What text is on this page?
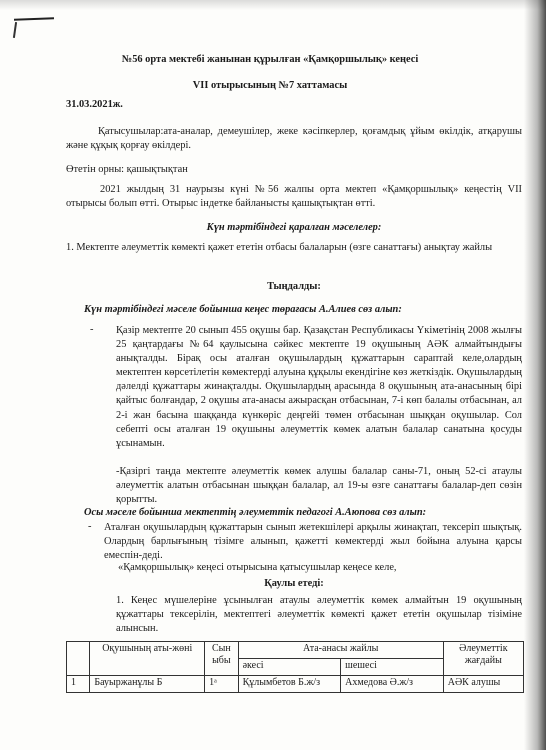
№56 орта мектебі жанынан құрылған «Қамқоршылық» кеңесі
VII отырысының №7 хаттамасы
31.03.2021ж.
Қатысушылар:ата-аналар, демеушілер, жеке кәсіпкерлер, қоғамдық ұйым өкілдік, атқарушы және құқық қорғау өкілдері.
Өтетін орны: қашықтықтан
2021 жылдың 31 наурызы күні №56 жалпы орта мектеп «Қамқоршылық» кеңестің VII отырысы болып өтті. Отырыс індетке байланысты қашықтықтан өтті.
Күн тәртібіндегі қаралған мәселелер:
1. Мектепте әлеуметтік көмекті қажет ететін отбасы балаларын (өзге санаттағы) анықтау жайлы
Тыңдалды:
Күн тәртібіндегі мәселе бойынша кеңес төрағасы А.Алиев сөз алып:
- Қазір мектепте 20 сынып 455 оқушы бар. Қазақстан Республикасы Үкіметінің 2008 жылғы 25 қаңтардағы №64 қаулысына сәйкес мектепте 19 оқушының АӘК алмайтындығы анықталды. Бірақ осы аталған оқушылардың құжаттарын сараптай келе,олардың мектептен көрсетілетін көмектерді алуына құқылы екендігіне көз жеткіздік. Оқушылардың дәлелді құжаттары жинақталды. Оқушылардың арасында 8 оқушының ата-анасының бірі қайтыс болғандар, 2 оқушы ата-анасы ажырасқан отбасынан, 7-і көп балалы отбасынан, ал 2-і жан басына шаққанда күнкөріс деңгейі төмен отбасынан шыққан оқушылар. Сол себепті осы аталған 19 оқушыны әлеуметтік көмек алатын балалар санатына қосуды ұсынамын.
-Қазіргі таңда мектепте әлеуметтік көмек алушы балалар саны-71, оның 52-сі атаулы әлеуметтік алатын отбасынан шыққан балалар, ал 19-ы өзге санаттағы балалар-деп сөзін қорытты.
Осы мәселе бойынша мектептің әлеуметтік педагогі А.Аюпова сөз алып:
- Аталған оқушылардың құжаттарын сынып жетекшілері арқылы жинақтап, тексеріп шықтық. Олардың барлығының тізімге алынып, қажетті көмектерді жыл бойына алуына қарсы емеспін-деді.
«Қамқоршылық» кеңесі отырысына қатысушылар кеңесе келе,
Қаулы етеді:
1. Кеңес мүшелеріне ұсынылған атаулы әлеуметтік көмек алмайтын 19 оқушының құжаттары тексерілін, мектептегі әлеуметтік көмекті қажет ететін оқушылар тізіміне алынсын.
	Оқушының аты-жөні	Сын ыбы	Ата-анасы жайлы		Әлеуметтік жағдайы
			әкесі	шешесі	
1	Бауыржанұлы Б	1ᵃ	Құлымбетов Б.ж/з	Ахмедова Ә.ж/з	АӘК алушы
